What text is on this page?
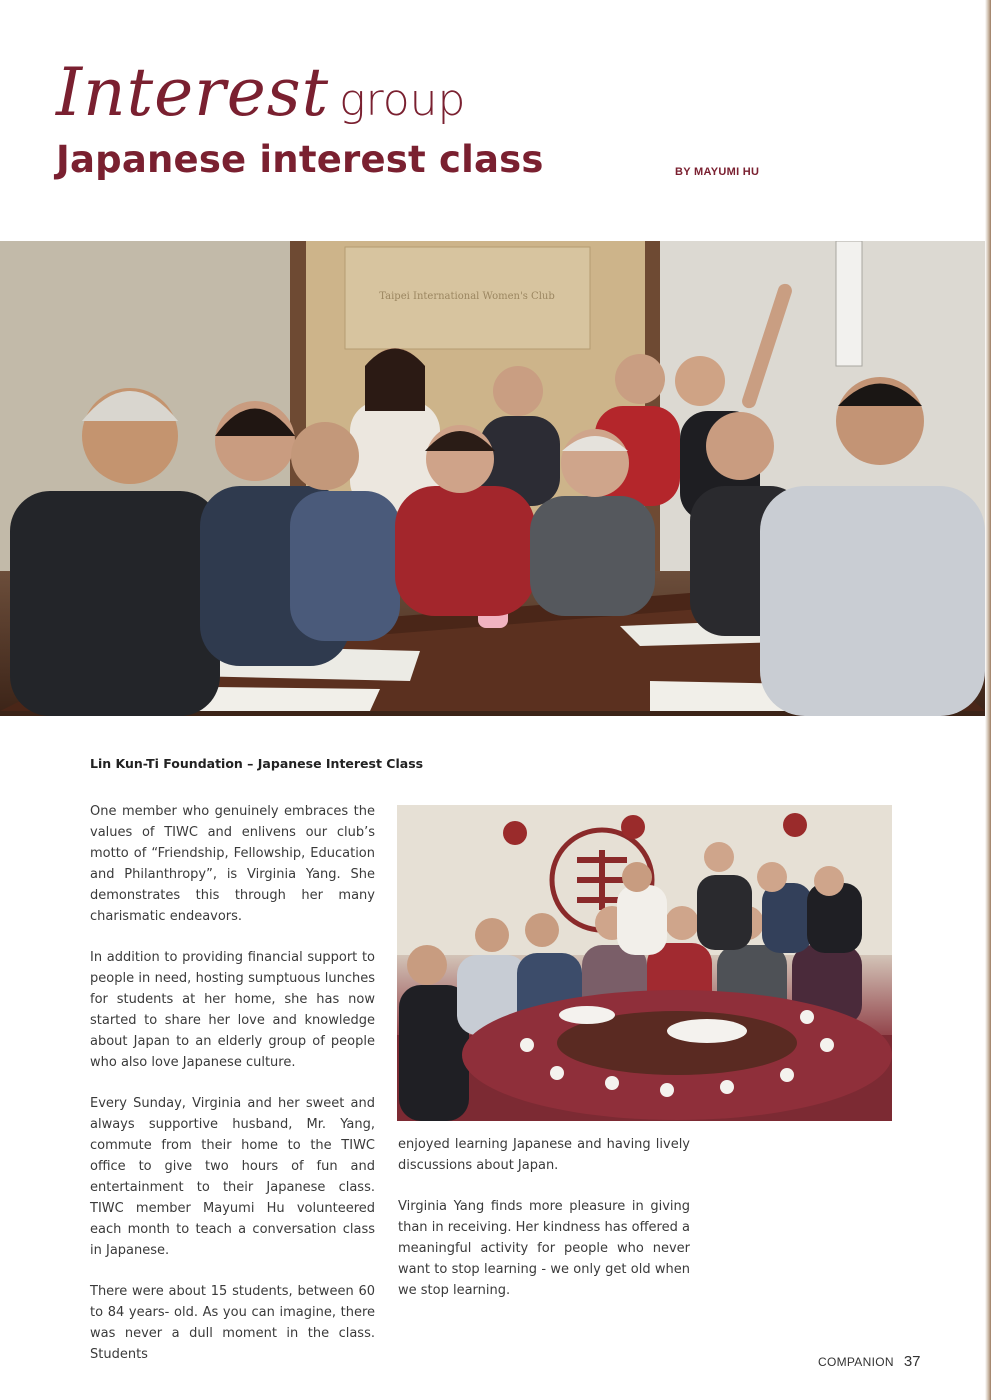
Interest group
Japanese interest class	BY MAYUMI HU
Taipei International Women's Club
Lin Kun-Ti Foundation – Japanese Interest Class

One member who genuinely embraces the values of TIWC and enlivens our club’s motto of “Friendship, Fellowship, Education and Philanthropy”, is Virginia Yang. She demonstrates this through her many charismatic endeavors.

In addition to providing financial support to people in need, hosting sumptuous lunches for students at her home, she has now started to share her love and knowledge about Japan to an elderly group of people who also love Japanese culture.

Every Sunday, Virginia and her sweet and always supportive husband, Mr. Yang, commute from their home to the TIWC office to give two hours of fun and entertainment to their Japanese class. TIWC member Mayumi Hu volunteered each month to teach a conversation class in Japanese.

There were about 15 students, between 60 to 84 years- old. As you can imagine, there was never a dull moment in the class. Students

enjoyed learning Japanese and having lively discussions about Japan.

Virginia Yang finds more pleasure in giving than in receiving. Her kindness has offered a meaningful activity for people who never want to stop learning - we only get old when we stop learning.

COMPANION 37
